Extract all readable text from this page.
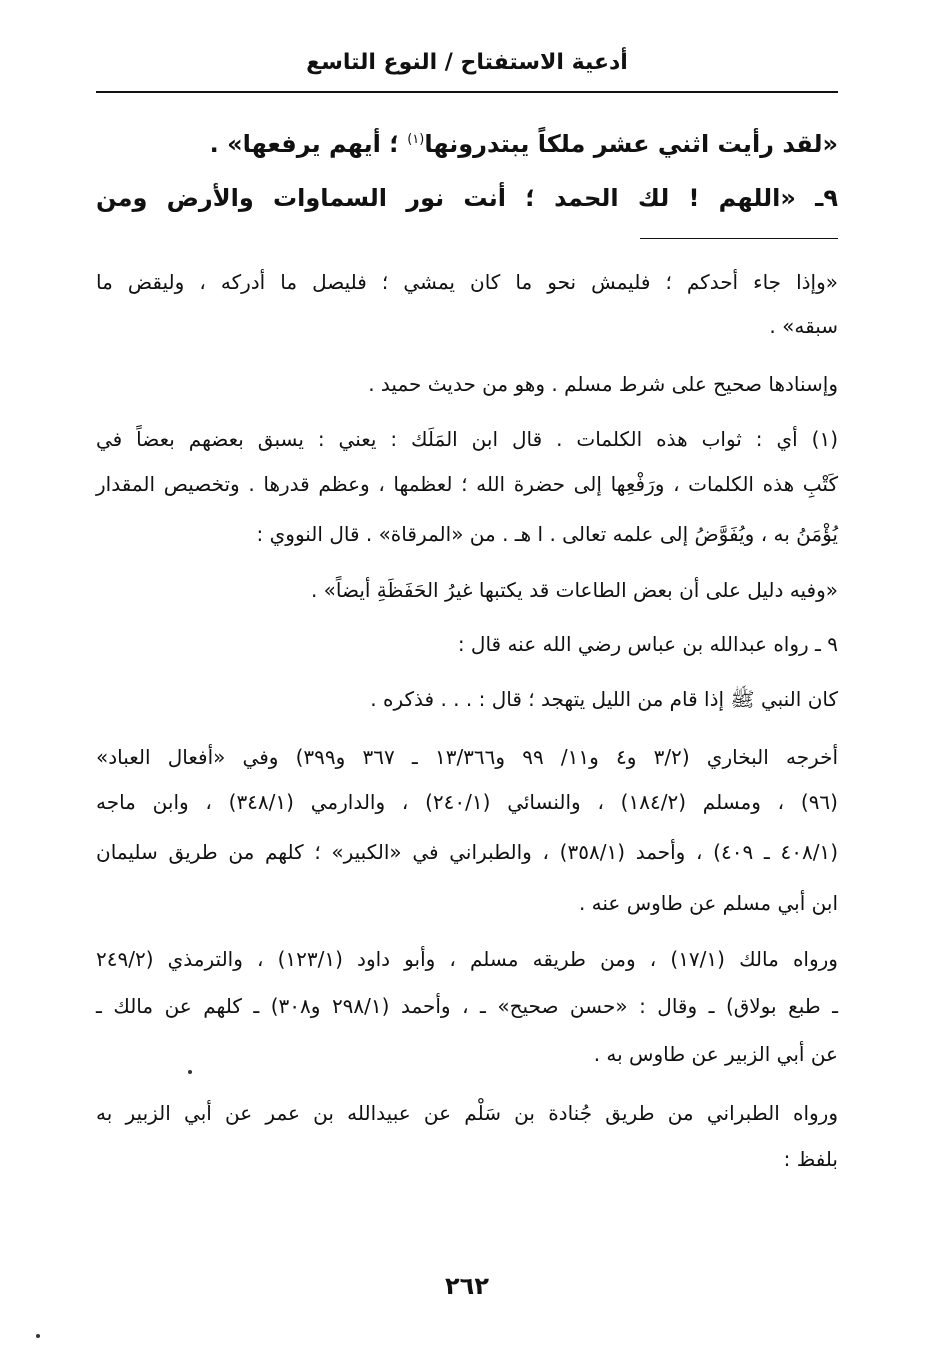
أدعية الاستفتاح / النوع التاسع
«لقد رأيت اثني عشر ملكاً يبتدرونها$^{(١)}$ ؛ أيهم يرفعها» .
٩ـ «اللهم ! لك الحمد ؛ أنت نور السماوات والأرض ومن
«وإذا جاء أحدكم ؛ فليمش نحو ما كان يمشي ؛ فليصل ما أدركه ، وليقض ما
سبقه» .
وإسنادها صحيح على شرط مسلم . وهو من حديث حميد .
(١) أي : ثواب هذه الكلمات . قال ابن المَلَك : يعني : يسبق بعضهم بعضاً في
كَتْبِ هذه الكلمات ، ورَفْعِها إلى حضرة الله ؛ لعظمها ، وعظم قدرها . وتخصيص المقدار
يُؤْمَنُ به ، ويُفَوَّضُ إلى علمه تعالى . ا هـ . من «المرقاة» . قال النووي :
«وفيه دليل على أن بعض الطاعات قد يكتبها غيرُ الحَفَظَةِ أيضاً» .
٩ ـ رواه عبدالله بن عباس رضي الله عنه قال :
كان النبي ﷺ إذا قام من الليل يتهجد ؛ قال : . . . فذكره .
أخرجه البخاري (٣/٢ و٤ و١١/ ٩٩ و١٣/٣٦٦ ـ ٣٦٧ و٣٩٩) وفي «أفعال العباد»
(٩٦) ، ومسلم (١٨٤/٢) ، والنسائي (٢٤٠/١) ، والدارمي (٣٤٨/١) ، وابن ماجه
(٤٠٨/١ ـ ٤٠٩) ، وأحمد (٣٥٨/١) ، والطبراني في «الكبير» ؛ كلهم من طريق سليمان
ابن أبي مسلم عن طاوس عنه .
ورواه مالك (١٧/١) ، ومن طريقه مسلم ، وأبو داود (١٢٣/١) ، والترمذي (٢٤٩/٢
ـ طبع بولاق) ـ وقال : «حسن صحيح» ـ ، وأحمد (٢٩٨/١ و٣٠٨) ـ كلهم عن مالك ـ
عن أبي الزبير عن طاوس به .
ورواه الطبراني من طريق جُنادة بن سَلْم عن عبيدالله بن عمر عن أبي الزبير به
بلفظ :
٢٦٢
